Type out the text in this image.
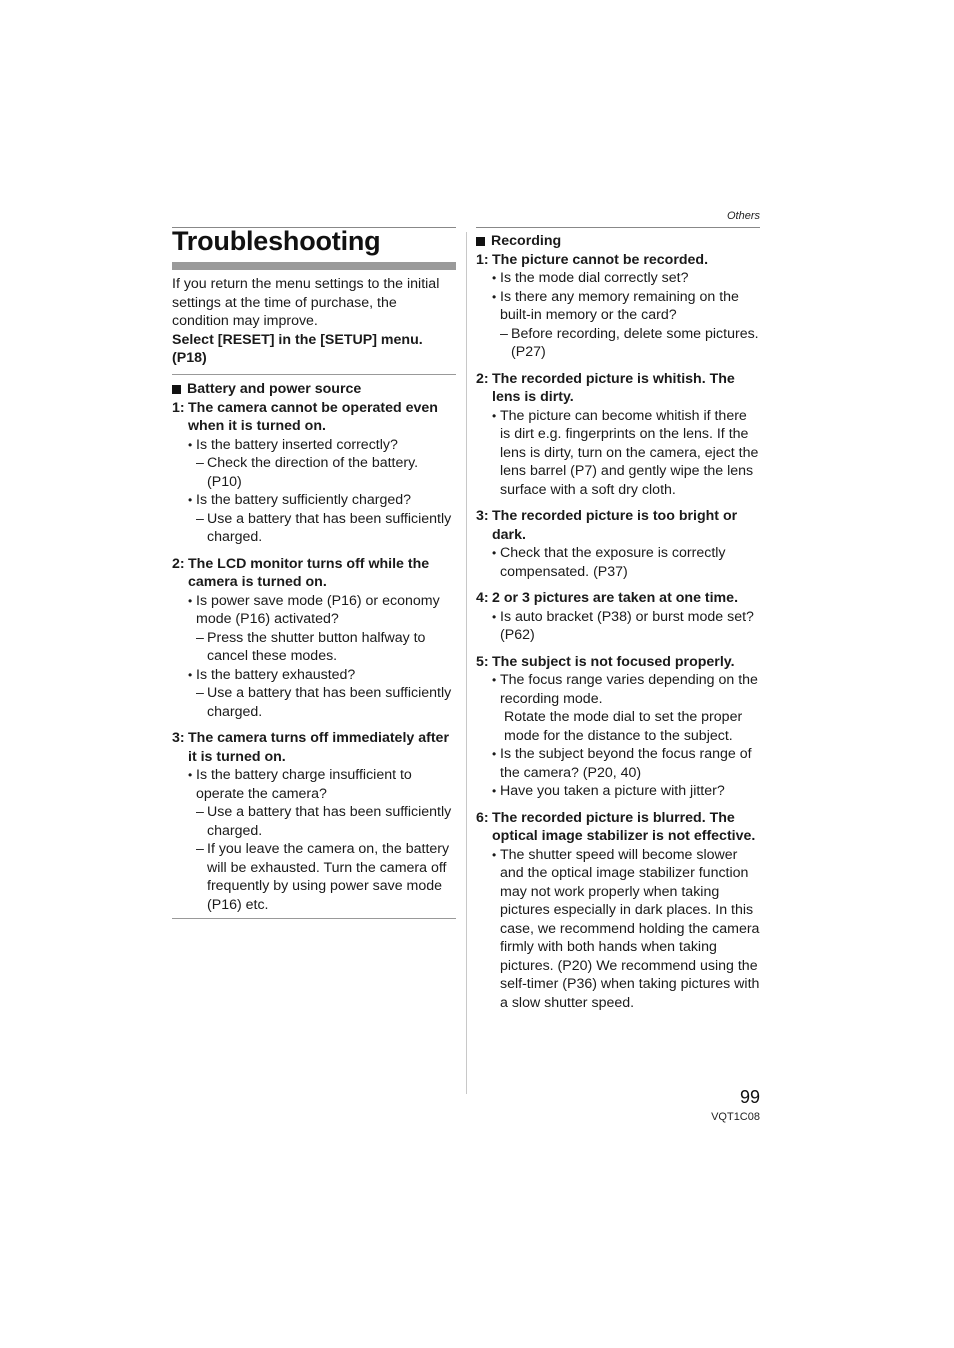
Others
Troubleshooting

If you return the menu settings to the initial settings at the time of purchase, the condition may improve.

Select [RESET] in the [SETUP] menu. (P18)

Battery and power source
1: The camera cannot be operated even when it is turned on.
• Is the battery inserted correctly?
– Check the direction of the battery. (P10)
• Is the battery sufficiently charged?
– Use a battery that has been sufficiently charged.
2: The LCD monitor turns off while the camera is turned on.
• Is power save mode (P16) or economy mode (P16) activated?
– Press the shutter button halfway to cancel these modes.
• Is the battery exhausted?
– Use a battery that has been sufficiently charged.
3: The camera turns off immediately after it is turned on.
• Is the battery charge insufficient to operate the camera?
– Use a battery that has been sufficiently charged.
– If you leave the camera on, the battery will be exhausted. Turn the camera off frequently by using power save mode (P16) etc.
Recording
1: The picture cannot be recorded.
• Is the mode dial correctly set?
• Is there any memory remaining on the built-in memory or the card?
– Before recording, delete some pictures. (P27)
2: The recorded picture is whitish. The lens is dirty.
• The picture can become whitish if there is dirt e.g. fingerprints on the lens. If the lens is dirty, turn on the camera, eject the lens barrel (P7) and gently wipe the lens surface with a soft dry cloth.
3: The recorded picture is too bright or dark.
• Check that the exposure is correctly compensated. (P37)
4: 2 or 3 pictures are taken at one time.
• Is auto bracket (P38) or burst mode set? (P62)
5: The subject is not focused properly.
• The focus range varies depending on the recording mode.
Rotate the mode dial to set the proper mode for the distance to the subject.
• Is the subject beyond the focus range of the camera? (P20, 40)
• Have you taken a picture with jitter?
6: The recorded picture is blurred. The optical image stabilizer is not effective.
• The shutter speed will become slower and the optical image stabilizer function may not work properly when taking pictures especially in dark places. In this case, we recommend holding the camera firmly with both hands when taking pictures. (P20) We recommend using the self-timer (P36) when taking pictures with a slow shutter speed.
99
VQT1C08
